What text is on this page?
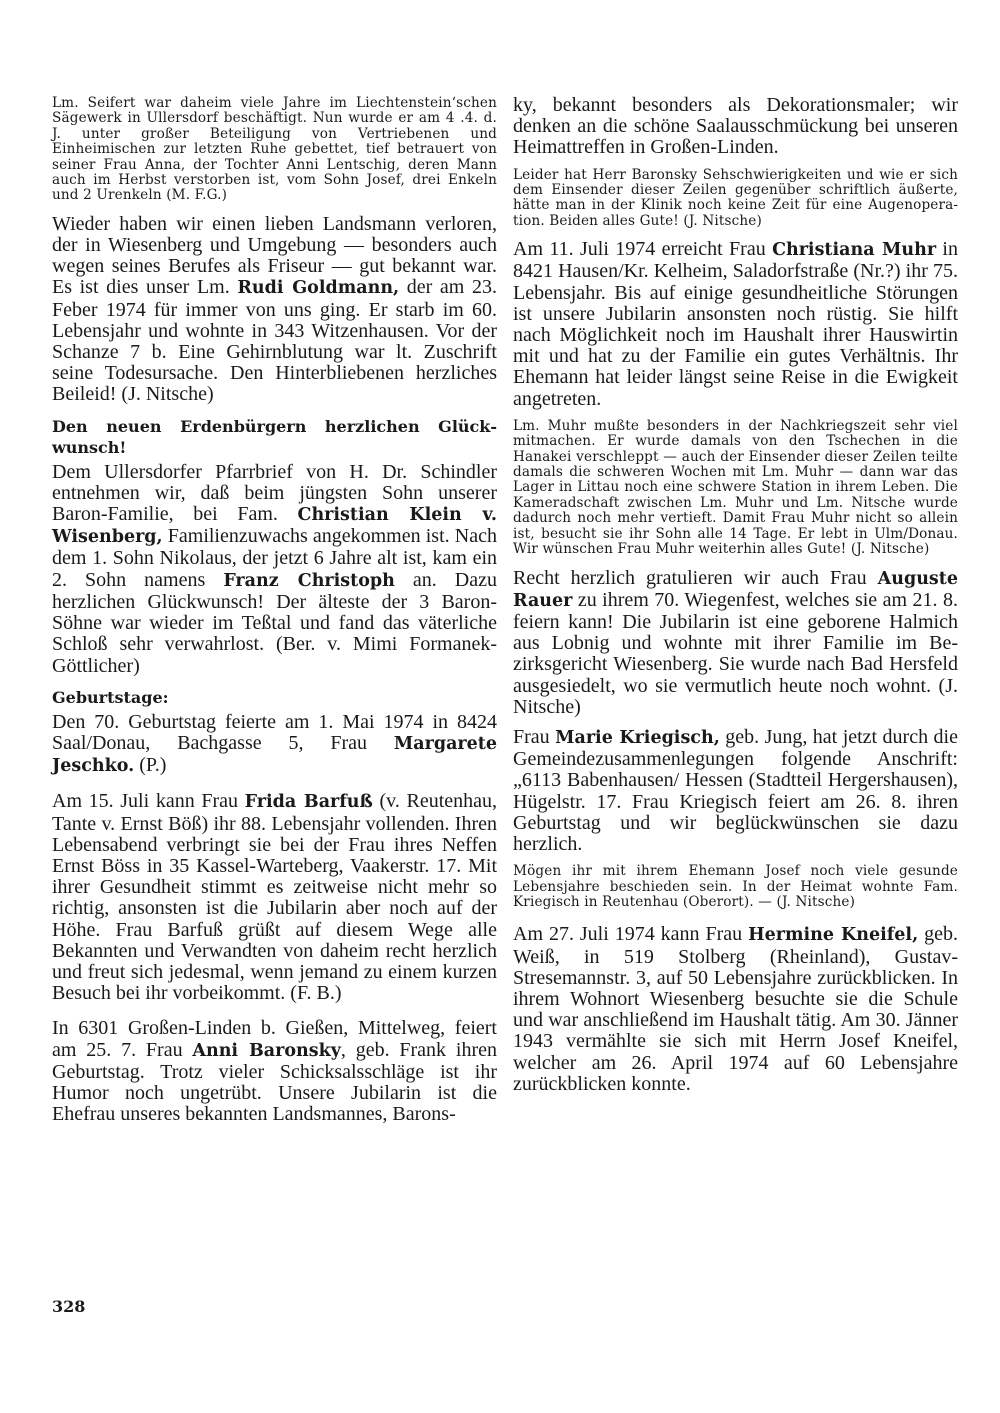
Lm. Seifert war daheim viele Jahre im Liechtenstein‘schen Sägewerk in Ullersdorf beschäftigt. Nun wurde er am 4 .4. d. J. unter großer Beteiligung von Vertriebenen und Einheimischen zur letzten Ruhe gebettet, tief betrauert von seiner Frau Anna, der Tochter Anni Lentschig, deren Mann auch im Herbst verstorben ist, vom Sohn Josef, drei Enkeln und 2 Urenkeln (M. F.G.)

Wieder haben wir einen lieben Landsmann verloren, der in Wiesenberg und Umgebung — besonders auch wegen seines Berufes als Friseur — gut bekannt war. Es ist dies unser Lm. Rudi Goldmann, der am 23. Feber 1974 für immer von uns ging. Er starb im 60. Lebensjahr und wohnte in 343 Witzenhausen. Vor der Schanze 7 b. Eine Gehirnblutung war lt. Zuschrift seine Todesursache. Den Hinterbliebenen herzliches Beileid! (J. Nitsche)

Den neuen Erdenbürgern herzlichen Glückwunsch!

Dem Ullersdorfer Pfarrbrief von H. Dr. Schindler entnehmen wir, daß beim jüngsten Sohn unserer Baron-Familie, bei Fam. Christian Klein v. Wisenberg, Familienzuwachs angekommen ist. Nach dem 1. Sohn Nikolaus, der jetzt 6 Jahre alt ist, kam ein 2. Sohn namens Franz Christoph an. Dazu herzlichen Glückwunsch! Der älteste der 3 Baron-Söhne war wieder im Teßtal und fand das väterliche Schloß sehr verwahrlost. (Ber. v. Mimi Formanek-Göttlicher)

Geburtstage:

Den 70. Geburtstag feierte am 1. Mai 1974 in 8424 Saal/Donau, Bachgasse 5, Frau Margarete Jeschko. (P.)

Am 15. Juli kann Frau Frida Barfuß (v. Reutenhau, Tante v. Ernst Böß) ihr 88. Lebensjahr vollenden. Ihren Lebensabend verbringt sie bei der Frau ihres Neffen Ernst Böss in 35 Kassel-Warteberg, Vaakerstr. 17. Mit ihrer Gesundheit stimmt es zeitweise nicht mehr so richtig, ansonsten ist die Jubilarin aber noch auf der Höhe. Frau Barfuß grüßt auf diesem Wege alle Bekannten und Verwandten von daheim recht herzlich und freut sich jedesmal, wenn jemand zu einem kurzen Besuch bei ihr vorbeikommt. (F. B.)

In 6301 Großen-Linden b. Gießen, Mittelweg, feiert am 25. 7. Frau Anni Baronsky, geb. Frank ihren Geburtstag. Trotz vieler Schicksalsschläge ist ihr Humor noch ungetrübt. Unsere Jubilarin ist die Ehefrau unseres bekannten Landsmannes, Barons-

ky, bekannt besonders als Dekorationsmaler; wir denken an die schöne Saalausschmückung bei unseren Heimattreffen in Großen-Linden.

Leider hat Herr Baronsky Sehschwierigkeiten und wie er sich dem Einsender dieser Zeilen gegenüber schriftlich äußerte, hätte man in der Klinik noch keine Zeit für eine Augenoperation. Beiden alles Gute! (J. Nitsche)

Am 11. Juli 1974 erreicht Frau Christiana Muhr in 8421 Hausen/Kr. Kelheim, Saladorfstraße (Nr.?) ihr 75. Lebensjahr. Bis auf einige gesundheitliche Störungen ist unsere Jubilarin ansonsten noch rüstig. Sie hilft nach Möglichkeit noch im Haushalt ihrer Hauswirtin mit und hat zu der Familie ein gutes Verhältnis. Ihr Ehemann hat leider längst seine Reise in die Ewigkeit angetreten.

Lm. Muhr mußte besonders in der Nachkriegszeit sehr viel mitmachen. Er wurde damals von den Tschechen in die Hanakei verschleppt — auch der Einsender dieser Zeilen teilte damals die schweren Wochen mit Lm. Muhr — dann war das Lager in Littau noch eine schwere Station in ihrem Leben. Die Kameradschaft zwischen Lm. Muhr und Lm. Nitsche wurde dadurch noch mehr vertieft. Damit Frau Muhr nicht so allein ist, besucht sie ihr Sohn alle 14 Tage. Er lebt in Ulm/Donau. Wir wünschen Frau Muhr weiterhin alles Gute! (J. Nitsche)

Recht herzlich gratulieren wir auch Frau Auguste Rauer zu ihrem 70. Wiegenfest, welches sie am 21. 8. feiern kann! Die Jubilarin ist eine geborene Halmich aus Lobnig und wohnte mit ihrer Familie im Bezirksgericht Wiesenberg. Sie wurde nach Bad Hersfeld ausgesiedelt, wo sie vermutlich heute noch wohnt. (J. Nitsche)

Frau Marie Kriegisch, geb. Jung, hat jetzt durch die Gemeindezusammenlegungen folgende Anschrift: „6113 Babenhausen/ Hessen (Stadtteil Hergershausen), Hügelstr. 17. Frau Kriegisch feiert am 26. 8. ihren Geburtstag und wir beglückwünschen sie dazu herzlich.

Mögen ihr mit ihrem Ehemann Josef noch viele gesunde Lebensjahre beschieden sein. In der Heimat wohnte Fam. Kriegisch in Reutenhau (Oberort). — (J. Nitsche)

Am 27. Juli 1974 kann Frau Hermine Kneifel, geb. Weiß, in 519 Stolberg (Rheinland), Gustav-Stresemannstr. 3, auf 50 Lebensjahre zurückblicken. In ihrem Wohnort Wiesenberg besuchte sie die Schule und war anschließend im Haushalt tätig. Am 30. Jänner 1943 vermählte sie sich mit Herrn Josef Kneifel, welcher am 26. April 1974 auf 60 Lebensjahre zurückblicken konnte.

328
